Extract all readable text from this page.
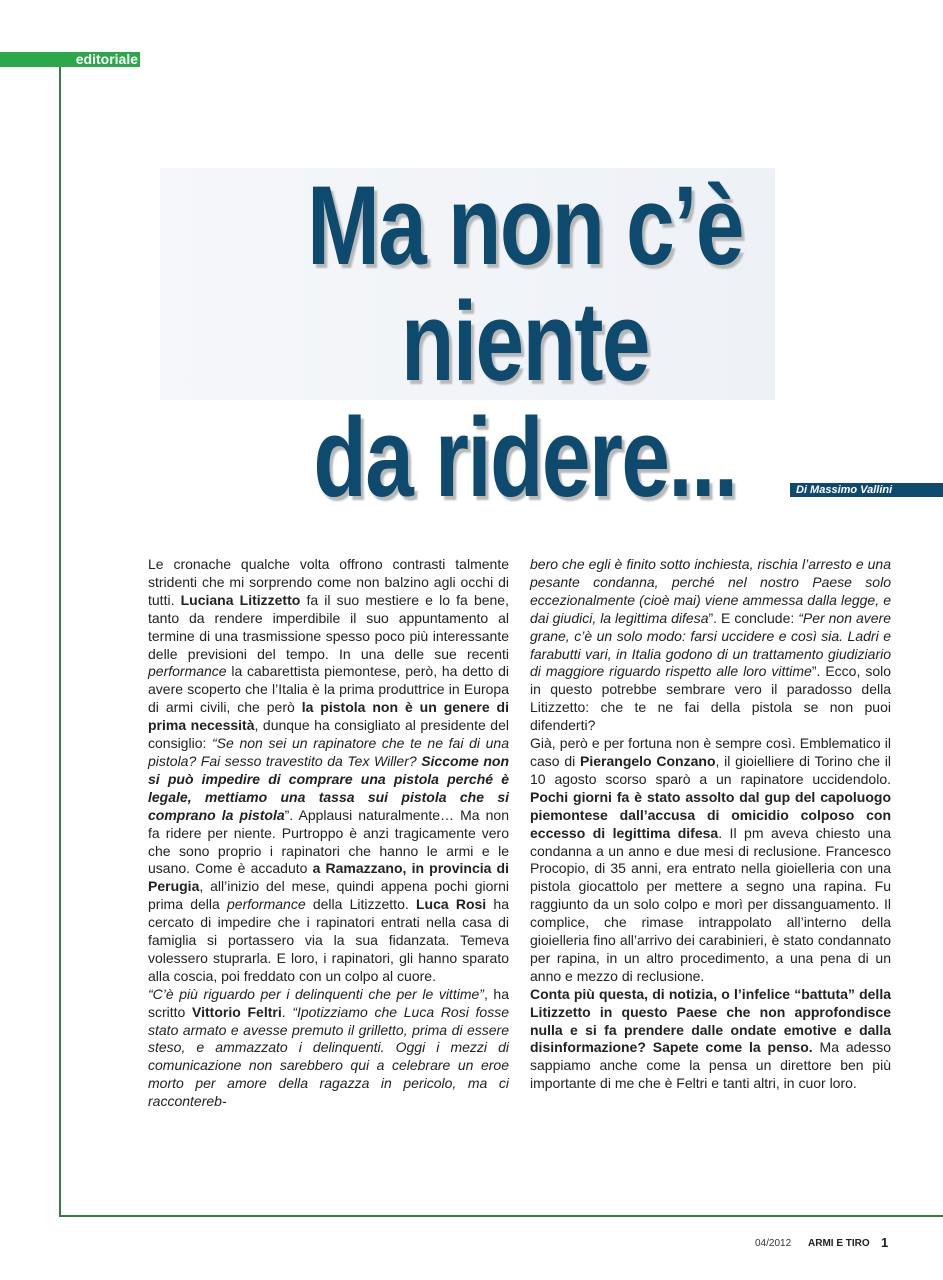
editoriale
Ma non c’è niente
da ridere...	Di Massimo Vallini

Le cronache qualche volta offrono contrasti talmente stridenti che mi sorprendo come non balzino agli occhi di tutti. Luciana Litizzetto fa il suo mestiere e lo fa bene, tanto da rendere imperdibile il suo appuntamento al termine di una trasmissione spesso poco più interessante delle previsioni del tempo. In una delle sue recenti performance la cabarettista piemontese, però, ha detto di avere scoperto che l’Italia è la prima produttrice in Europa di armi civili, che però la pistola non è un genere di prima necessità, dunque ha consigliato al presidente del consiglio: “Se non sei un rapinatore che te ne fai di una pistola? Fai sesso travestito da Tex Willer? Siccome non si può impedire di comprare una pistola perché è legale, mettiamo una tassa sui pistola che si comprano la pistola”. Applausi naturalmente… Ma non fa ridere per niente. Purtroppo è anzi tragicamente vero che sono proprio i rapinatori che hanno le armi e le usano. Come è accaduto a Ramazzano, in provincia di Perugia, all’inizio del mese, quindi appena pochi giorni prima della performance della Litizzetto. Luca Rosi ha cercato di impedire che i rapinatori entrati nella casa di famiglia si portassero via la sua fidanzata. Temeva volessero stuprarla. E loro, i rapinatori, gli hanno sparato alla coscia, poi freddato con un colpo al cuore.

“C’è più riguardo per i delinquenti che per le vittime”, ha scritto Vittorio Feltri. “Ipotizziamo che Luca Rosi fosse stato armato e avesse premuto il grilletto, prima di essere steso, e ammazzato i delinquenti. Oggi i mezzi di comunicazione non sarebbero qui a celebrare un eroe morto per amore della ragazza in pericolo, ma ci raccontereb-

bero che egli è finito sotto inchiesta, rischia l’arresto e una pesante condanna, perché nel nostro Paese solo eccezionalmente (cioè mai) viene ammessa dalla legge, e dai giudici, la legittima difesa”. E conclude: “Per non avere grane, c’è un solo modo: farsi uccidere e così sia. Ladri e farabutti vari, in Italia godono di un trattamento giudiziario di maggiore riguardo rispetto alle loro vittime”. Ecco, solo in questo potrebbe sembrare vero il paradosso della Litizzetto: che te ne fai della pistola se non puoi difenderti?

Già, però e per fortuna non è sempre così. Emblematico il caso di Pierangelo Conzano, il gioielliere di Torino che il 10 agosto scorso sparò a un rapinatore uccidendolo. Pochi giorni fa è stato assolto dal gup del capoluogo piemontese dall’accusa di omicidio colposo con eccesso di legittima difesa. Il pm aveva chiesto una condanna a un anno e due mesi di reclusione. Francesco Procopio, di 35 anni, era entrato nella gioielleria con una pistola giocattolo per mettere a segno una rapina. Fu raggiunto da un solo colpo e morì per dissanguamento. Il complice, che rimase intrappolato all’interno della gioielleria fino all’arrivo dei carabinieri, è stato condannato per rapina, in un altro procedimento, a una pena di un anno e mezzo di reclusione.

Conta più questa, di notizia, o l’infelice “battuta” della Litizzetto in questo Paese che non approfondisce nulla e si fa prendere dalle ondate emotive e dalla disinformazione? Sapete come la penso. Ma adesso sappiamo anche come la pensa un direttore ben più importante di me che è Feltri e tanti altri, in cuor loro.

04/2012 ARMI E TIRO 1
